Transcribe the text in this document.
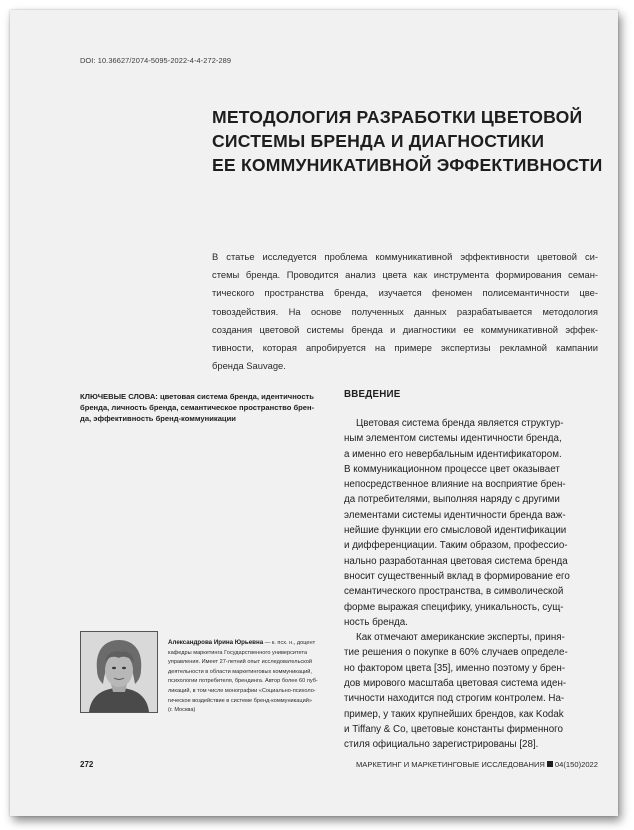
DOI: 10.36627/2074-5095-2022-4-4-272-289
МЕТОДОЛОГИЯ РАЗРАБОТКИ ЦВЕТОВОЙ
СИСТЕМЫ БРЕНДА И ДИАГНОСТИКИ
ЕЕ КОММУНИКАТИВНОЙ ЭФФЕКТИВНОСТИ
В статье исследуется проблема коммуникативной эффективности цветовой си-
стемы бренда. Проводится анализ цвета как инструмента формирования семан-
тического пространства бренда, изучается феномен полисемантичности цве-
товоздействия. На основе полученных данных разрабатывается методология
создания цветовой системы бренда и диагностики ее коммуникативной эффек-
тивности, которая апробируется на примере экспертизы рекламной кампании
бренда Sauvage.
КЛЮЧЕВЫЕ СЛОВА: цветовая система бренда, идентичность
бренда, личность бренда, семантическое пространство брен-
да, эффективность бренд-коммуникации
ВВЕДЕНИЕ
Цветовая система бренда является структур-
ным элементом системы идентичности бренда,
а именно его невербальным идентификатором.
В коммуникационном процессе цвет оказывает
непосредственное влияние на восприятие брен-
да потребителями, выполняя наряду с другими
элементами системы идентичности бренда важ-
нейшие функции его смысловой идентификации
и дифференциации. Таким образом, профессио-
нально разработанная цветовая система бренда
вносит существенный вклад в формирование его
семантического пространства, в символической
форме выражая специфику, уникальность, сущ-
ность бренда.
Как отмечают американские эксперты, приня-
тие решения о покупке в 60% случаев определе-
но фактором цвета [35], именно поэтому у брен-
дов мирового масштаба цветовая система иден-
тичности находится под строгим контролем. На-
пример, у таких крупнейших брендов, как Kodak
и Tiffany & Co, цветовые константы фирменного
стиля официально зарегистрированы [28].
Александрова Ирина Юрьевна — к. псх. н., доцент
кафедры маркетинга Государственного университета
управления. Имеет 27-летний опыт исследовательской
деятельности в области маркетинговых коммуникаций,
психологии потребителя, брендинга. Автор более 60 пуб-
ликаций, в том числе монографии «Социально-психоло-
гическое воздействие в системе бренд-коммуникаций»
(г. Москва)
272	МАРКЕТИНГ И МАРКЕТИНГОВЫЕ ИССЛЕДОВАНИЯ 04(150)2022
